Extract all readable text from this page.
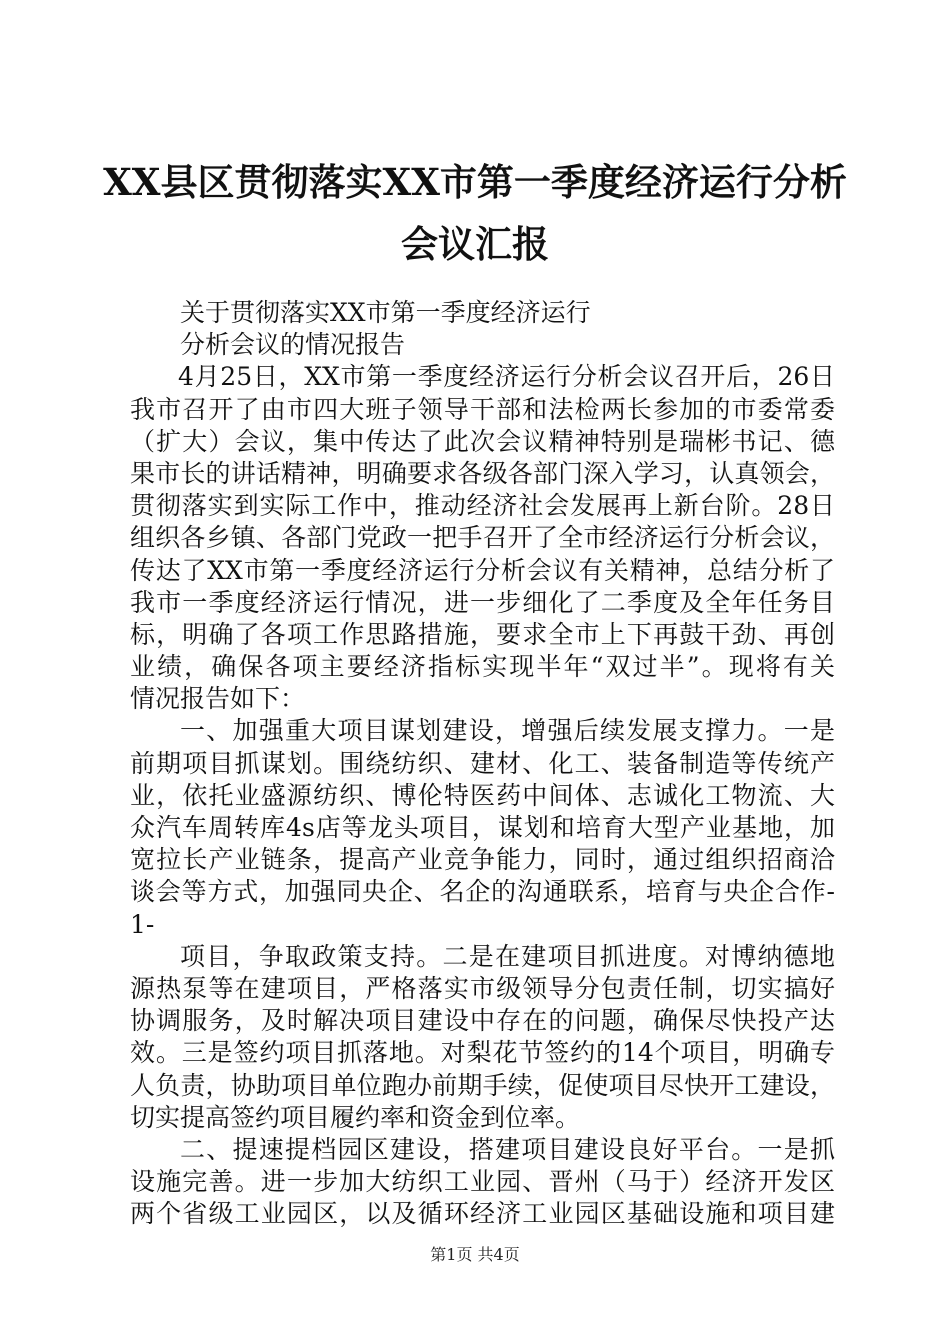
XX县区贯彻落实XX市第一季度经济运行分析
会议汇报
关于贯彻落实XX市第一季度经济运行
分析会议的情况报告
4月25日，XX市第一季度经济运行分析会议召开后，26日
我市召开了由市四大班子领导干部和法检两长参加的市委常委
（扩大）会议，集中传达了此次会议精神特别是瑞彬书记、德
果市长的讲话精神，明确要求各级各部门深入学习，认真领会，
贯彻落实到实际工作中，推动经济社会发展再上新台阶。28日
组织各乡镇、各部门党政一把手召开了全市经济运行分析会议，
传达了XX市第一季度经济运行分析会议有关精神，总结分析了
我市一季度经济运行情况，进一步细化了二季度及全年任务目
标，明确了各项工作思路措施，要求全市上下再鼓干劲、再创
业绩，确保各项主要经济指标实现半年“双过半”。现将有关
情况报告如下：
一、加强重大项目谋划建设，增强后续发展支撑力。一是
前期项目抓谋划。围绕纺织、建材、化工、装备制造等传统产
业，依托业盛源纺织、博伦特医药中间体、志诚化工物流、大
众汽车周转库4s店等龙头项目，谋划和培育大型产业基地，加
宽拉长产业链条，提高产业竞争能力，同时，通过组织招商洽
谈会等方式，加强同央企、名企的沟通联系，培育与央企合作-
1-
项目，争取政策支持。二是在建项目抓进度。对博纳德地
源热泵等在建项目，严格落实市级领导分包责任制，切实搞好
协调服务，及时解决项目建设中存在的问题，确保尽快投产达
效。三是签约项目抓落地。对梨花节签约的14个项目，明确专
人负责，协助项目单位跑办前期手续，促使项目尽快开工建设，
切实提高签约项目履约率和资金到位率。
二、提速提档园区建设，搭建项目建设良好平台。一是抓
设施完善。进一步加大纺织工业园、晋州（马于）经济开发区
两个省级工业园区，以及循环经济工业园区基础设施和项目建
第1页 共4页
